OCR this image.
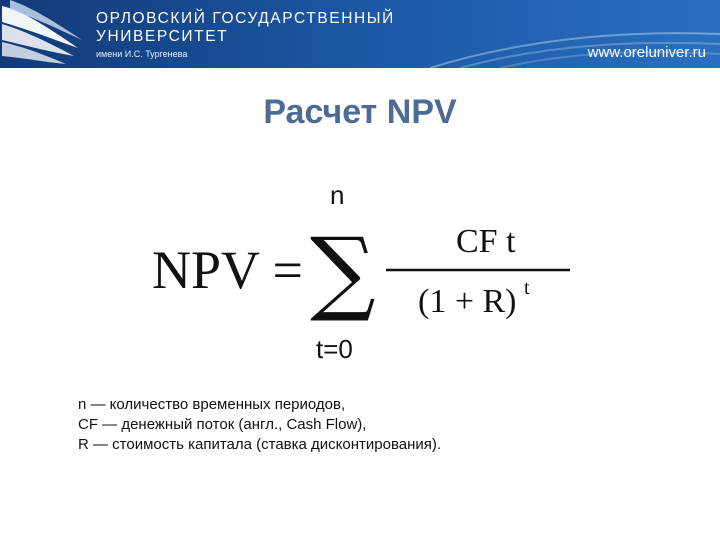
ОРЛОВСКИЙ ГОСУДАРСТВЕННЫЙ
УНИВЕРСИТЕТ
имени И.С. Тургенева	www.oreluniver.ru
Расчет NPV
NPV =
n
∑
t=0
CF t
(1 + R) t
n — количество временных периодов,
CF — денежный поток (англ., Cash Flow),
R — стоимость капитала (ставка дисконтирования).
